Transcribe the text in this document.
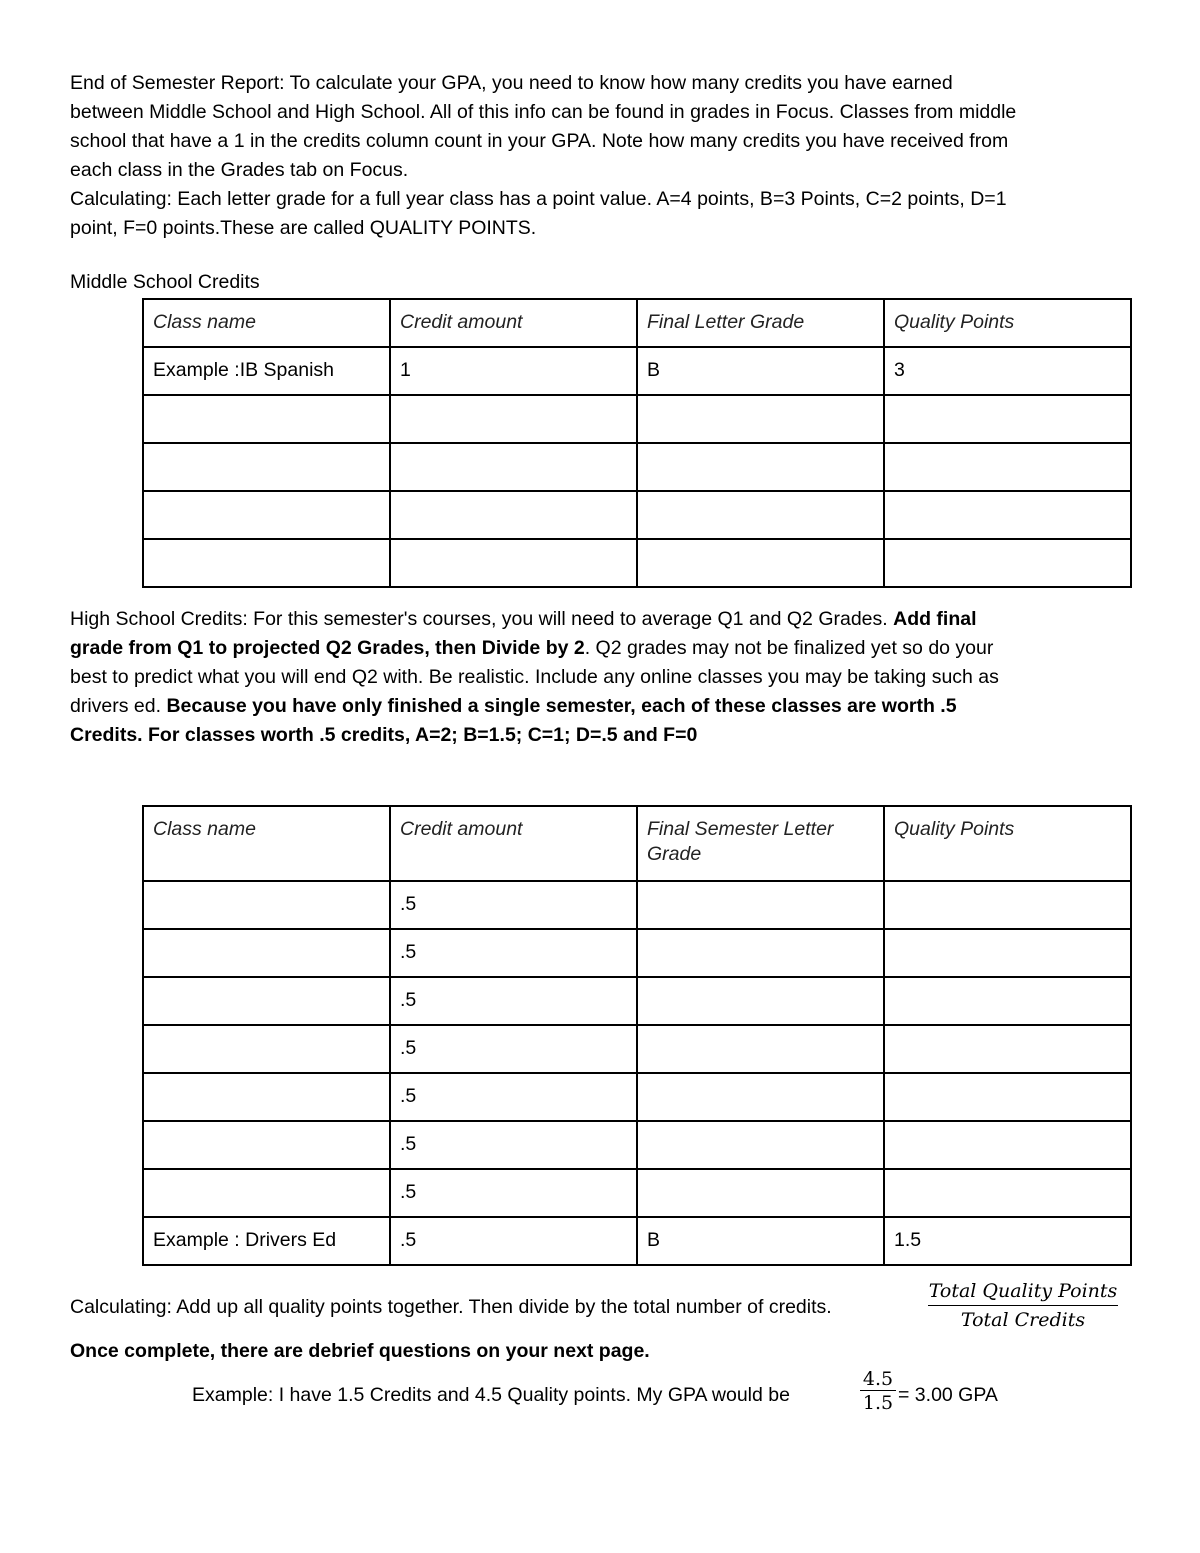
End of Semester Report: To calculate your GPA, you need to know how many credits you have earned
between Middle School and High School. All of this info can be found in grades in Focus. Classes from middle
school that have a 1 in the credits column count in your GPA. Note how many credits you have received from
each class in the Grades tab on Focus.
Calculating: Each letter grade for a full year class has a point value. A=4 points, B=3 Points, C=2 points, D=1
point, F=0 points.These are called QUALITY POINTS.
Middle School Credits
Class name	Credit amount	Final Letter Grade	Quality Points
Example :IB Spanish	1	B	3

High School Credits: For this semester's courses, you will need to average Q1 and Q2 Grades. Add final
grade from Q1 to projected Q2 Grades, then Divide by 2. Q2 grades may not be finalized yet so do your
best to predict what you will end Q2 with. Be realistic. Include any online classes you may be taking such as
drivers ed. Because you have only finished a single semester, each of these classes are worth .5
Credits. For classes worth .5 credits, A=2; B=1.5; C=1; D=.5 and F=0
Class name	Credit amount	Final Semester Letter Grade	Quality Points
	.5		
	.5		
	.5		
	.5		
	.5		
	.5		
	.5		
Example : Drivers Ed	.5	B	1.5
Calculating: Add up all quality points together. Then divide by the total number of credits.
Total Quality Points
Total Credits
Once complete, there are debrief questions on your next page.
Example: I have 1.5 Credits and 4.5 Quality points. My GPA would be	$\frac{4.5}{1.5} = 3.00$ GPA
